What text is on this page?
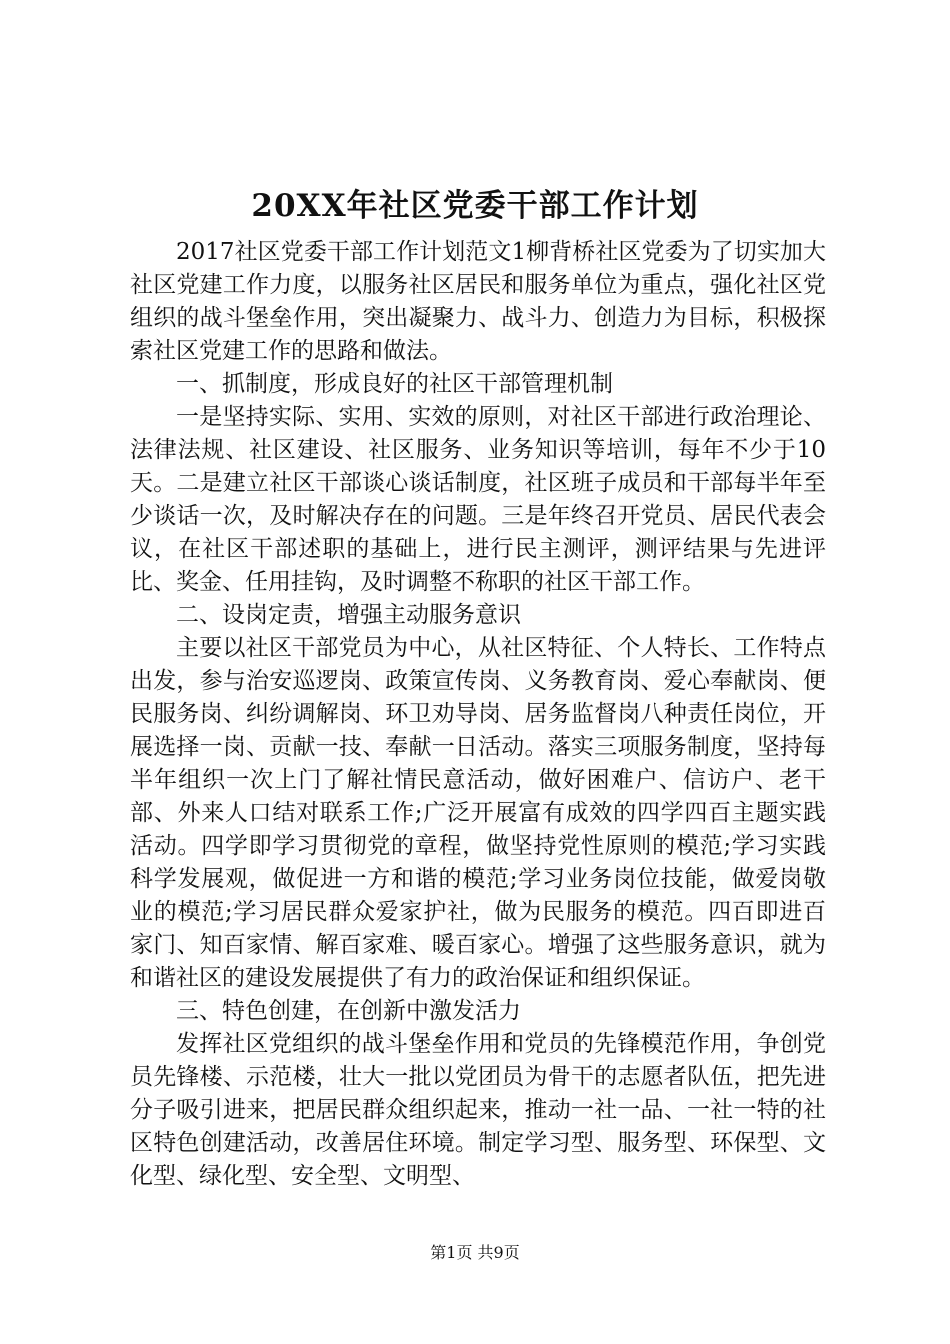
20XX年社区党委干部工作计划

2017社区党委干部工作计划范文1柳背桥社区党委为了切实加大社区党建工作力度，以服务社区居民和服务单位为重点，强化社区党组织的战斗堡垒作用，突出凝聚力、战斗力、创造力为目标，积极探索社区党建工作的思路和做法。

一、抓制度，形成良好的社区干部管理机制

一是坚持实际、实用、实效的原则，对社区干部进行政治理论、法律法规、社区建设、社区服务、业务知识等培训，每年不少于10天。二是建立社区干部谈心谈话制度，社区班子成员和干部每半年至少谈话一次，及时解决存在的问题。三是年终召开党员、居民代表会议，在社区干部述职的基础上，进行民主测评，测评结果与先进评比、奖金、任用挂钩，及时调整不称职的社区干部工作。

二、设岗定责，增强主动服务意识

主要以社区干部党员为中心，从社区特征、个人特长、工作特点出发，参与治安巡逻岗、政策宣传岗、义务教育岗、爱心奉献岗、便民服务岗、纠纷调解岗、环卫劝导岗、居务监督岗八种责任岗位，开展选择一岗、贡献一技、奉献一日活动。落实三项服务制度，坚持每半年组织一次上门了解社情民意活动，做好困难户、信访户、老干部、外来人口结对联系工作;广泛开展富有成效的四学四百主题实践活动。四学即学习贯彻党的章程，做坚持党性原则的模范;学习实践科学发展观，做促进一方和谐的模范;学习业务岗位技能，做爱岗敬业的模范;学习居民群众爱家护社，做为民服务的模范。四百即进百家门、知百家情、解百家难、暖百家心。增强了这些服务意识，就为和谐社区的建设发展提供了有力的政治保证和组织保证。

三、特色创建，在创新中激发活力

发挥社区党组织的战斗堡垒作用和党员的先锋模范作用，争创党员先锋楼、示范楼，壮大一批以党团员为骨干的志愿者队伍，把先进分子吸引进来，把居民群众组织起来，推动一社一品、一社一特的社区特色创建活动，改善居住环境。制定学习型、服务型、环保型、文化型、绿化型、安全型、文明型、

第1页 共9页
